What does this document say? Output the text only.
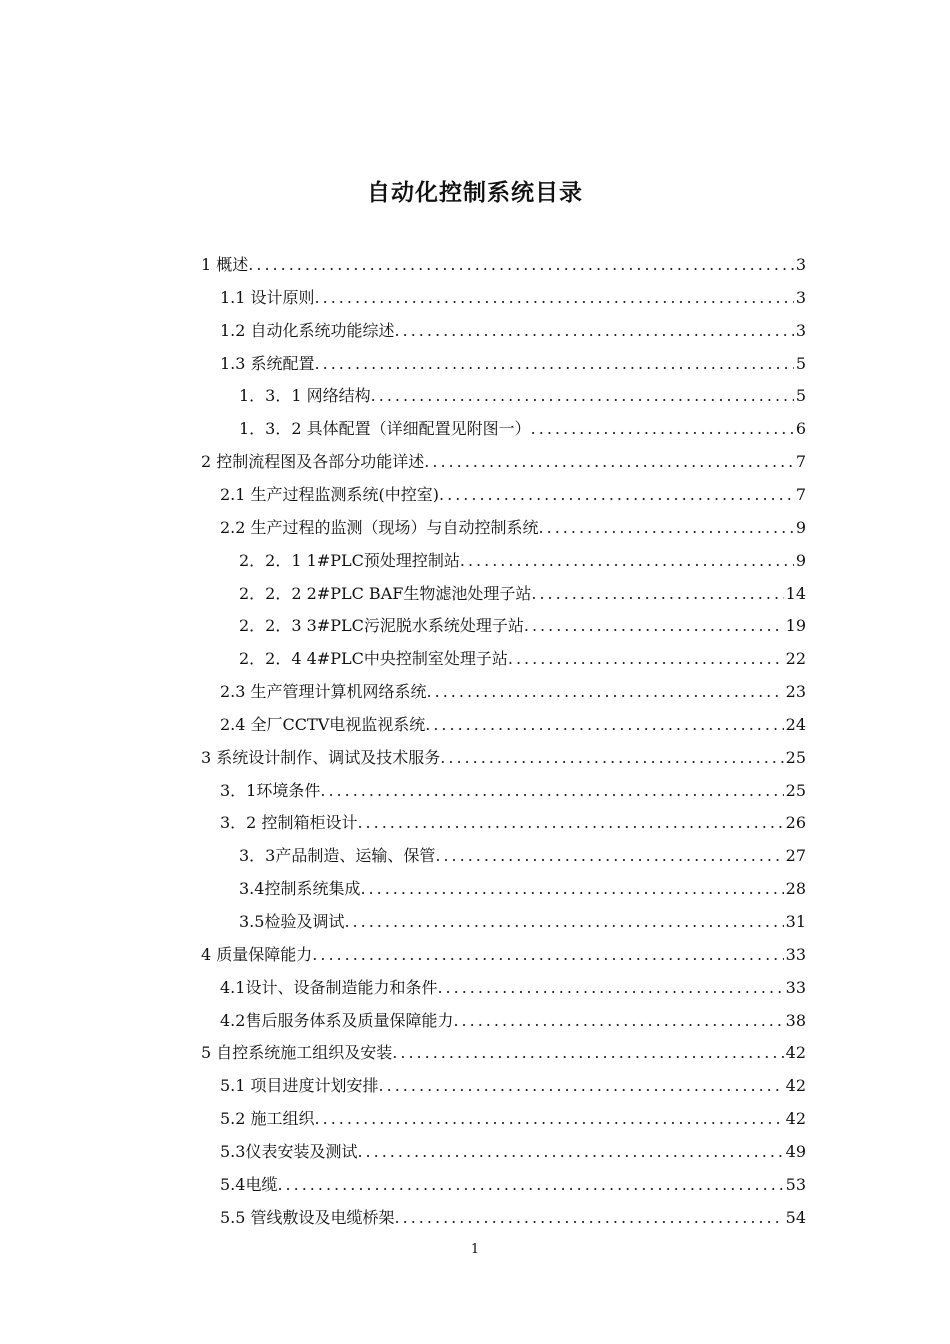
自动化控制系统目录
1 概述 .....	3
1.1 设计原则 .....	3
1.2 自动化系统功能综述 .....	3
1.3 系统配置 .....	5
1．3．1 网络结构 .....	5
1．3．2 具体配置（详细配置见附图一） .....	6
2 控制流程图及各部分功能详述 .....	7
2.1 生产过程监测系统(中控室) .....	7
2.2 生产过程的监测（现场）与自动控制系统 .....	9
2．2．1 1#PLC预处理控制站 .....	9
2．2．2 2#PLC BAF生物滤池处理子站 .....	14
2．2．3 3#PLC污泥脱水系统处理子站 .....	19
2．2．4 4#PLC中央控制室处理子站 .....	22
2.3 生产管理计算机网络系统 .....	23
2.4 全厂CCTV电视监视系统 .....	24
3 系统设计制作、调试及技术服务 .....	25
3．1环境条件 .....	25
3．2 控制箱柜设计 .....	26
3．3产品制造、运输、保管 .....	27
3.4控制系统集成 .....	28
3.5检验及调试 .....	31
4 质量保障能力 .....	33
4.1设计、设备制造能力和条件 .....	33
4.2售后服务体系及质量保障能力 .....	38
5 自控系统施工组织及安装 .....	42
5.1 项目进度计划安排 .....	42
5.2 施工组织 .....	42
5.3仪表安装及测试 .....	49
5.4电缆 .....	53
5.5 管线敷设及电缆桥架 .....	54
1
